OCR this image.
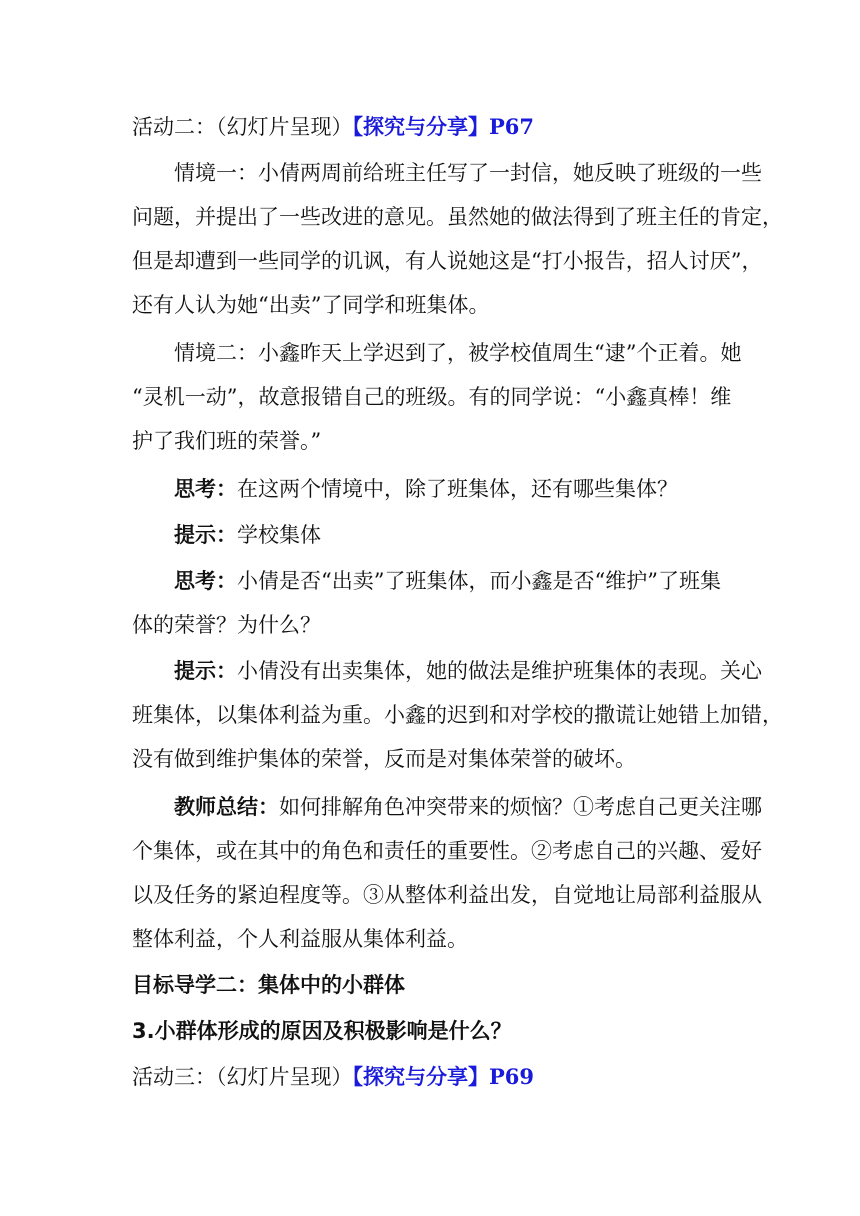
活动二：（幻灯片呈现）【探究与分享】P67
情境一：小倩两周前给班主任写了一封信，她反映了班级的一些
问题，并提出了一些改进的意见。虽然她的做法得到了班主任的肯定，
但是却遭到一些同学的讥讽，有人说她这是“打小报告，招人讨厌”，
还有人认为她“出卖”了同学和班集体。
情境二：小鑫昨天上学迟到了，被学校值周生“逮”个正着。她
“灵机一动”，故意报错自己的班级。有的同学说：“小鑫真棒！维
护了我们班的荣誉。”
思考：在这两个情境中，除了班集体，还有哪些集体？
提示：学校集体
思考：小倩是否“出卖”了班集体，而小鑫是否“维护”了班集
体的荣誉？为什么？
提示：小倩没有出卖集体，她的做法是维护班集体的表现。关心
班集体，以集体利益为重。小鑫的迟到和对学校的撒谎让她错上加错，
没有做到维护集体的荣誉，反而是对集体荣誉的破坏。
教师总结：如何排解角色冲突带来的烦恼？①考虑自己更关注哪
个集体，或在其中的角色和责任的重要性。②考虑自己的兴趣、爱好
以及任务的紧迫程度等。③从整体利益出发，自觉地让局部利益服从
整体利益，个人利益服从集体利益。
目标导学二：集体中的小群体
3.小群体形成的原因及积极影响是什么？
活动三：（幻灯片呈现）【探究与分享】P69
